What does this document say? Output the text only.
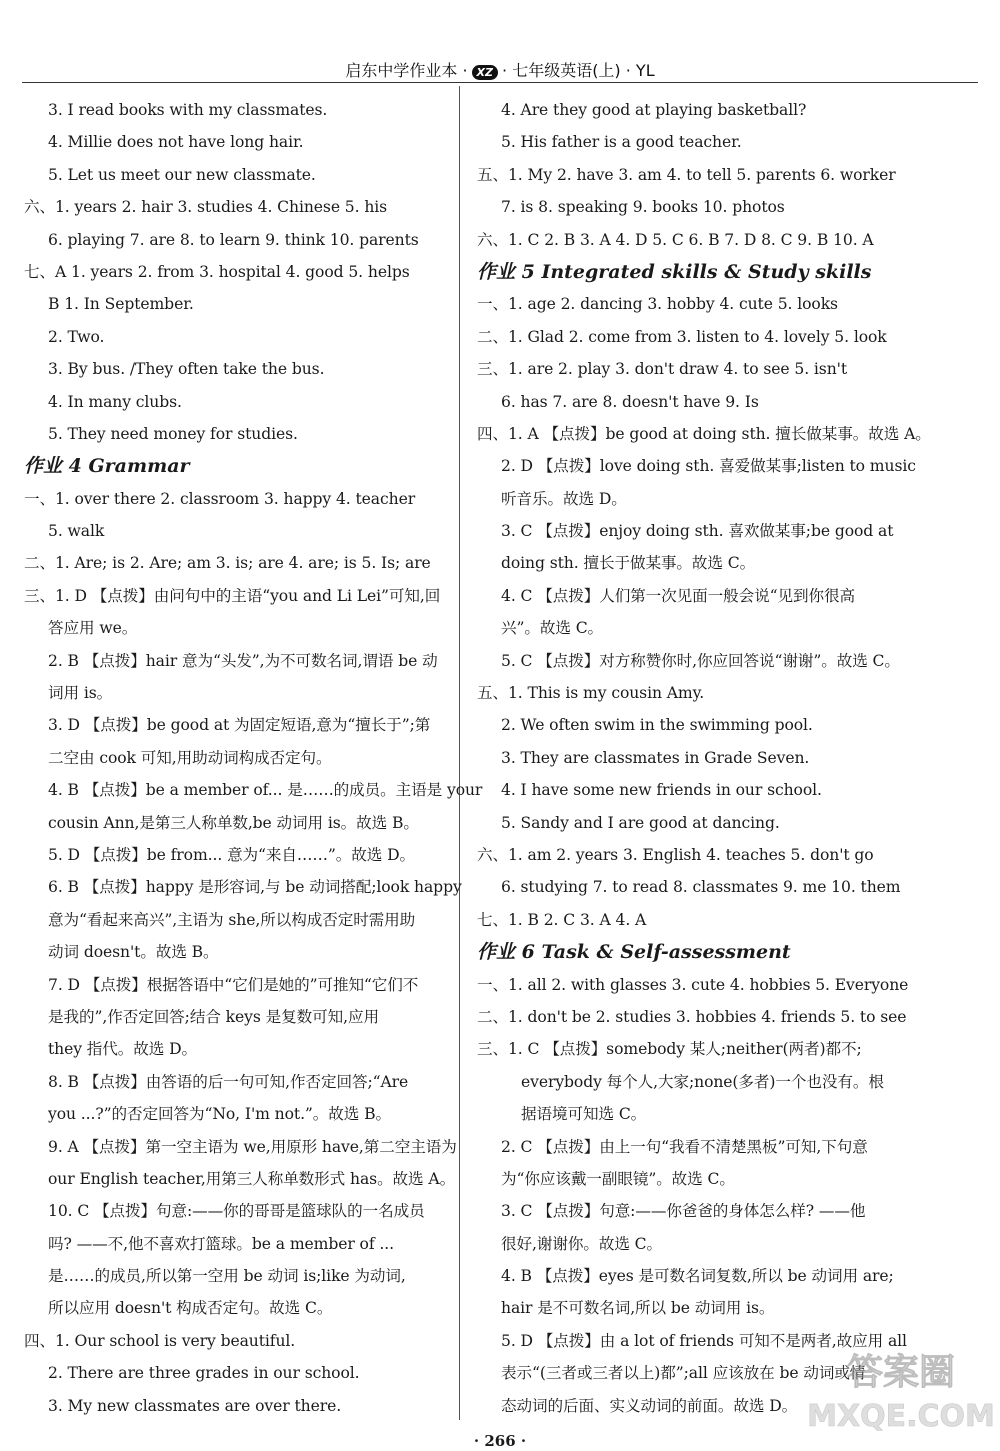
启东中学作业本 · XZ · 七年级英语(上) · YL
3. I read books with my classmates.
4. Millie does not have long hair.
5. Let us meet our new classmate.
六、1. years 2. hair 3. studies 4. Chinese 5. his
6. playing 7. are 8. to learn 9. think 10. parents
七、A 1. years 2. from 3. hospital 4. good 5. helps
B 1. In September.
2. Two.
3. By bus. /They often take the bus.
4. In many clubs.
5. They need money for studies.
作业 4 Grammar
一、1. over there 2. classroom 3. happy 4. teacher
5. walk
二、1. Are; is 2. Are; am 3. is; are 4. are; is 5. Is; are
三、1. D 【点拨】由问句中的主语“you and Li Lei”可知,回
答应用 we。
2. B 【点拨】hair 意为“头发”,为不可数名词,谓语 be 动
词用 is。
3. D 【点拨】be good at 为固定短语,意为“擅长于”;第
二空由 cook 可知,用助动词构成否定句。
4. B 【点拨】be a member of... 是……的成员。主语是 your
cousin Ann,是第三人称单数,be 动词用 is。故选 B。
5. D 【点拨】be from... 意为“来自……”。故选 D。
6. B 【点拨】happy 是形容词,与 be 动词搭配;look happy
意为“看起来高兴”,主语为 she,所以构成否定时需用助
动词 doesn't。故选 B。
7. D 【点拨】根据答语中“它们是她的”可推知“它们不
是我的”,作否定回答;结合 keys 是复数可知,应用
they 指代。故选 D。
8. B 【点拨】由答语的后一句可知,作否定回答;“Are
you ...?”的否定回答为“No, I'm not.”。故选 B。
9. A 【点拨】第一空主语为 we,用原形 have,第二空主语为
our English teacher,用第三人称单数形式 has。故选 A。
10. C 【点拨】句意:——你的哥哥是篮球队的一名成员
吗? ——不,他不喜欢打篮球。be a member of ...
是……的成员,所以第一空用 be 动词 is;like 为动词,
所以应用 doesn't 构成否定句。故选 C。
四、1. Our school is very beautiful.
2. There are three grades in our school.
3. My new classmates are over there.
4. Are they good at playing basketball?
5. His father is a good teacher.
五、1. My 2. have 3. am 4. to tell 5. parents 6. worker
7. is 8. speaking 9. books 10. photos
六、1. C 2. B 3. A 4. D 5. C 6. B 7. D 8. C 9. B 10. A
作业 5 Integrated skills & Study skills
一、1. age 2. dancing 3. hobby 4. cute 5. looks
二、1. Glad 2. come from 3. listen to 4. lovely 5. look
三、1. are 2. play 3. don't draw 4. to see 5. isn't
6. has 7. are 8. doesn't have 9. Is
四、1. A 【点拨】be good at doing sth. 擅长做某事。故选 A。
2. D 【点拨】love doing sth. 喜爱做某事;listen to music
听音乐。故选 D。
3. C 【点拨】enjoy doing sth. 喜欢做某事;be good at
doing sth. 擅长于做某事。故选 C。
4. C 【点拨】人们第一次见面一般会说“见到你很高
兴”。故选 C。
5. C 【点拨】对方称赞你时,你应回答说“谢谢”。故选 C。
五、1. This is my cousin Amy.
2. We often swim in the swimming pool.
3. They are classmates in Grade Seven.
4. I have some new friends in our school.
5. Sandy and I are good at dancing.
六、1. am 2. years 3. English 4. teaches 5. don't go
6. studying 7. to read 8. classmates 9. me 10. them
七、1. B 2. C 3. A 4. A
作业 6 Task & Self-assessment
一、1. all 2. with glasses 3. cute 4. hobbies 5. Everyone
二、1. don't be 2. studies 3. hobbies 4. friends 5. to see
三、1. C 【点拨】somebody 某人;neither(两者)都不;
everybody 每个人,大家;none(多者)一个也没有。根
据语境可知选 C。
2. C 【点拨】由上一句“我看不清楚黑板”可知,下句意
为“你应该戴一副眼镜”。故选 C。
3. C 【点拨】句意:——你爸爸的身体怎么样? ——他
很好,谢谢你。故选 C。
4. B 【点拨】eyes 是可数名词复数,所以 be 动词用 are;
hair 是不可数名词,所以 be 动词用 is。
5. D 【点拨】由 a lot of friends 可知不是两者,故应用 all
表示“(三者或三者以上)都”;all 应该放在 be 动词或情
态动词的后面、实义动词的前面。故选 D。
· 266 ·
答案圈
MXQE.COM
